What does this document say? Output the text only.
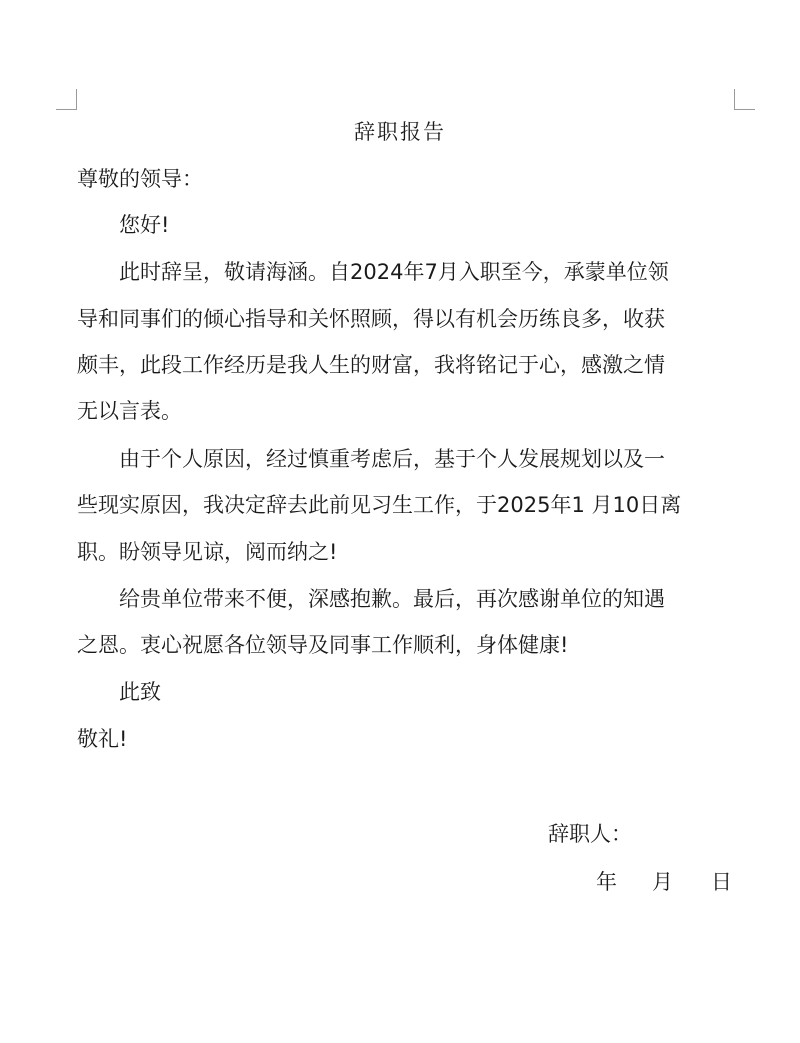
辞职报告
尊敬的领导：
您好!
此时辞呈，敬请海涵。自2024年7月入职至今，承蒙单位领
导和同事们的倾心指导和关怀照顾，得以有机会历练良多，收获
颇丰，此段工作经历是我人生的财富，我将铭记于心，感激之情
无以言表。
由于个人原因，经过慎重考虑后，基于个人发展规划以及一
些现实原因，我决定辞去此前见习生工作，于2025年1 月10日离
职。盼领导见谅，阅而纳之!
给贵单位带来不便，深感抱歉。最后，再次感谢单位的知遇
之恩。衷心祝愿各位领导及同事工作顺利，身体健康!
此致
敬礼!
辞职人：
年 月 日
